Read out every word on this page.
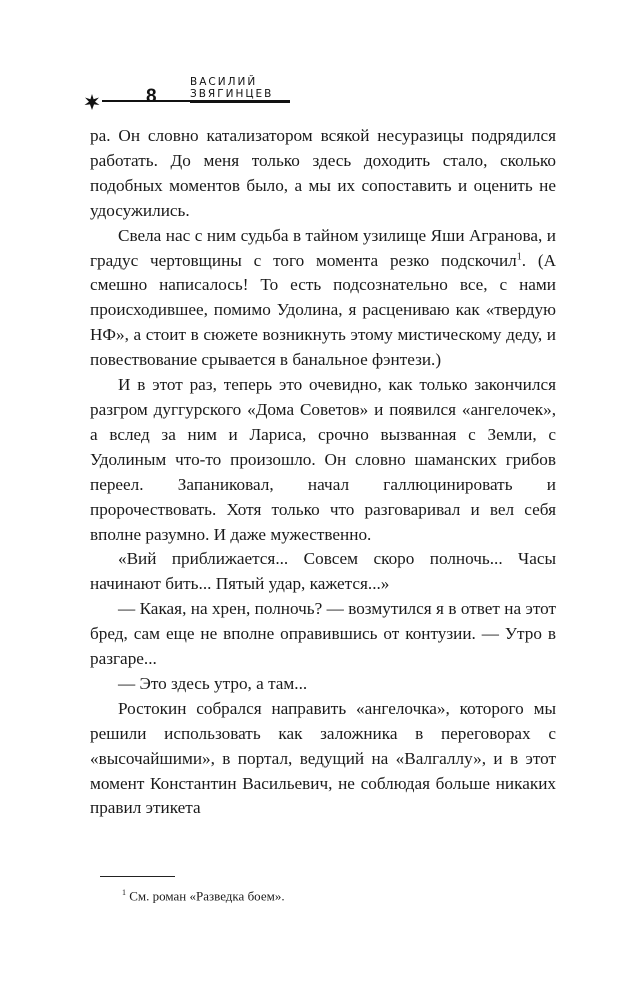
8
ВАСИЛИЙ ЗВЯГИНЦЕВ

ра. Он словно катализатором всякой несуразицы подрядился работать. До меня только здесь доходить стало, сколько подобных моментов было, а мы их сопоставить и оценить не удосужились.

Свела нас с ним судьба в тайном узилище Яши Агранова, и градус чертовщины с того момента резко подскочил$^1$. (А смешно написалось! То есть подсознательно все, с нами происходившее, помимо Удолина, я расцениваю как «твердую НФ», а стоит в сюжете возникнуть этому мистическому деду, и повествование срывается в банальное фэнтези.)

И в этот раз, теперь это очевидно, как только закончился разгром дуггурского «Дома Советов» и появился «ангелочек», а вслед за ним и Лариса, срочно вызванная с Земли, с Удолиным что-то произошло. Он словно шаманских грибов переел. Запаниковал, начал галлюцинировать и пророчествовать. Хотя только что разговаривал и вел себя вполне разумно. И даже мужественно.

«Вий приближается... Совсем скоро полночь... Часы начинают бить... Пятый удар, кажется...»

— Какая, на хрен, полночь? — возмутился я в ответ на этот бред, сам еще не вполне оправившись от контузии. — Утро в разгаре...

— Это здесь утро, а там...

Ростокин собрался направить «ангелочка», которого мы решили использовать как заложника в переговорах с «высочайшими», в портал, ведущий на «Валгаллу», и в этот момент Константин Васильевич, не соблюдая больше никаких правил этикета

$^1$ См. роман «Разведка боем».
